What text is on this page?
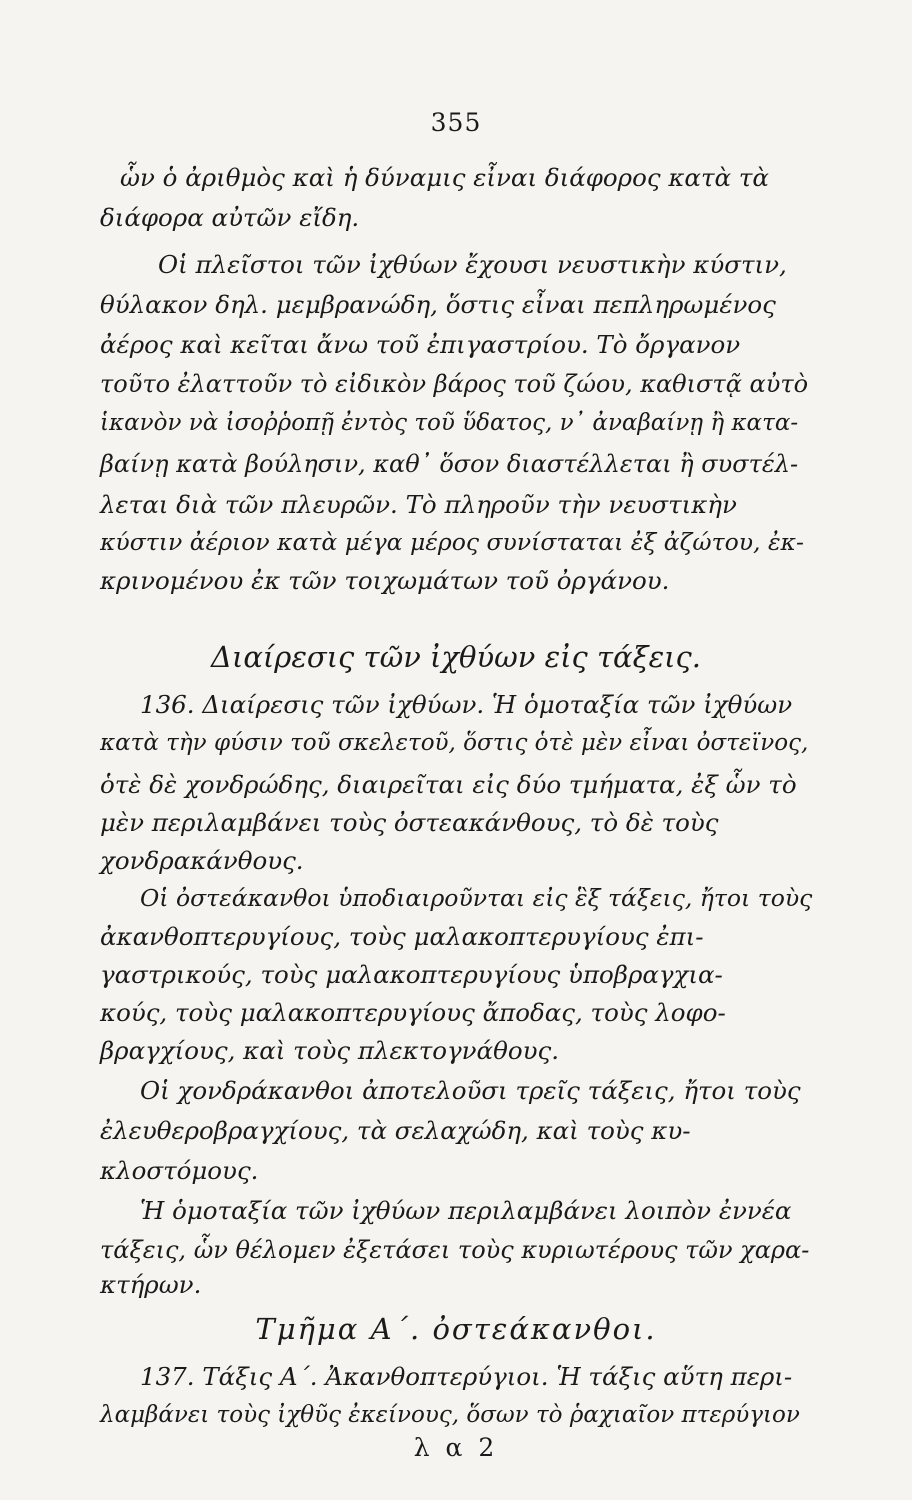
355
ὧν ὁ ἀριθμὸς καὶ ἡ δύναμις εἶναι διάφορος κατὰ τὰ
διάφορα αὐτῶν εἴδη.
Οἱ πλεῖστοι τῶν ἰχθύων ἔχουσι νευστικὴν κύστιν,
θύλακον δηλ. μεμβρανώδη, ὅστις εἶναι πεπληρωμένος
ἀέρος καὶ κεῖται ἄνω τοῦ ἐπιγαστρίου. Τὸ ὄργανον
τοῦτο ἐλαττοῦν τὸ εἰδικὸν βάρος τοῦ ζώου, καθιστᾷ αὐτὸ
ἱκανὸν νὰ ἰσοῤῥοπῇ ἐντὸς τοῦ ὕδατος, ν᾿ ἀναβαίνῃ ἢ κατα-
βαίνῃ κατὰ βούλησιν, καθ᾿ ὅσον διαστέλλεται ἢ συστέλ-
λεται διὰ τῶν πλευρῶν. Τὸ πληροῦν τὴν νευστικὴν
κύστιν ἀέριον κατὰ μέγα μέρος συνίσταται ἐξ ἀζώτου, ἐκ-
κρινομένου ἐκ τῶν τοιχωμάτων τοῦ ὀργάνου.
Διαίρεσις τῶν ἰχθύων εἰς τάξεις.
136. Διαίρεσις τῶν ἰχθύων. Ἡ ὁμοταξία τῶν ἰχθύων
κατὰ τὴν φύσιν τοῦ σκελετοῦ, ὅστις ὁτὲ μὲν εἶναι ὀστεϊνος,
ὁτὲ δὲ χονδρώδης, διαιρεῖται εἰς δύο τμήματα, ἐξ ὧν τὸ
μὲν περιλαμβάνει τοὺς ὀστεακάνθους, τὸ δὲ τοὺς
χονδρακάνθους.
Οἱ ὀστεάκανθοι ὑποδιαιροῦνται εἰς ἓξ τάξεις, ἤτοι τοὺς
ἀκανθοπτερυγίους, τοὺς μαλακοπτερυγίους ἐπι-
γαστρικούς, τοὺς μαλακοπτερυγίους ὑποβραγχια-
κούς, τοὺς μαλακοπτερυγίους ἄποδας, τοὺς λοφο-
βραγχίους, καὶ τοὺς πλεκτογνάθους.
Οἱ χονδράκανθοι ἀποτελοῦσι τρεῖς τάξεις, ἤτοι τοὺς
ἐλευθεροβραγχίους, τὰ σελαχώδη, καὶ τοὺς κυ-
κλοστόμους.
Ἡ ὁμοταξία τῶν ἰχθύων περιλαμβάνει λοιπὸν ἐννέα
τάξεις, ὧν θέλομεν ἐξετάσει τοὺς κυριωτέρους τῶν χαρα-
κτήρων.
Τμῆμα Α΄. ὀστεάκανθοι.
137. Τάξις Α΄. Ἀκανθοπτερύγιοι. Ἡ τάξις αὕτη περι-
λαμβάνει τοὺς ἰχθῦς ἐκείνους, ὅσων τὸ ῥαχιαῖον πτερύγιον
λ α 2
